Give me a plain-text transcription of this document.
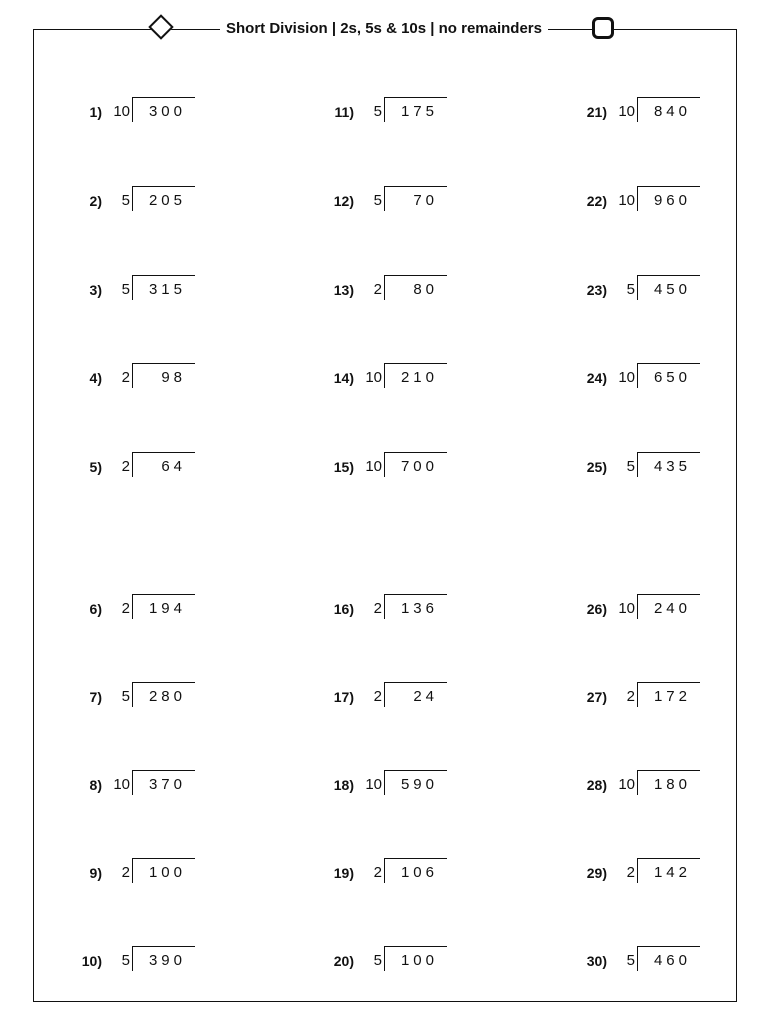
Short Division | 2s, 5s & 10s | no remainders
1) 10	300
2)	5	205
3)	5	315
4)	2	98
5)	2	64
6)	2	194
7)	5	280
8) 10	370
9)	2	100
10)	5	390
11)	5	175
12)	5	70
13)	2	80
14) 10	210
15) 10	700
16)	2	136
17)	2	24
18) 10	590
19)	2	106
20)	5	100
21) 10	840
22) 10	960
23)	5	450
24) 10	650
25)	5	435
26) 10	240
27)	2	172
28) 10	180
29)	2	142
30)	5	460
